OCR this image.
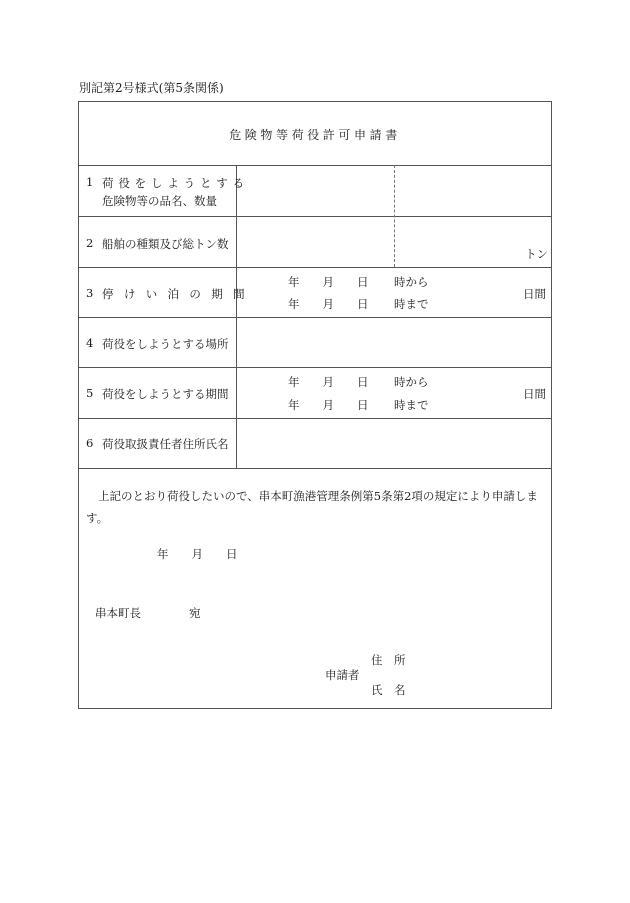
別記第2号様式(第5条関係)
危険物等荷役許可申請書
1 荷役をしようとする
危険物等の品名、数量
2 船舶の種類及び総トン数
トン
3 停けい泊の期間
年　　月　　日 時から
年　　月　　日 時まで
日間
4 荷役をしようとする場所
5 荷役をしようとする期間
年　　月　　日 時から
年　　月　　日 時まで
日間
6 荷役取扱責任者住所氏名
上記のとおり荷役したいので、串本町漁港管理条例第5条第2項の規定により申請しま
す。
年　　月　　日
串本町長	宛
住　所
申請者
氏　名
